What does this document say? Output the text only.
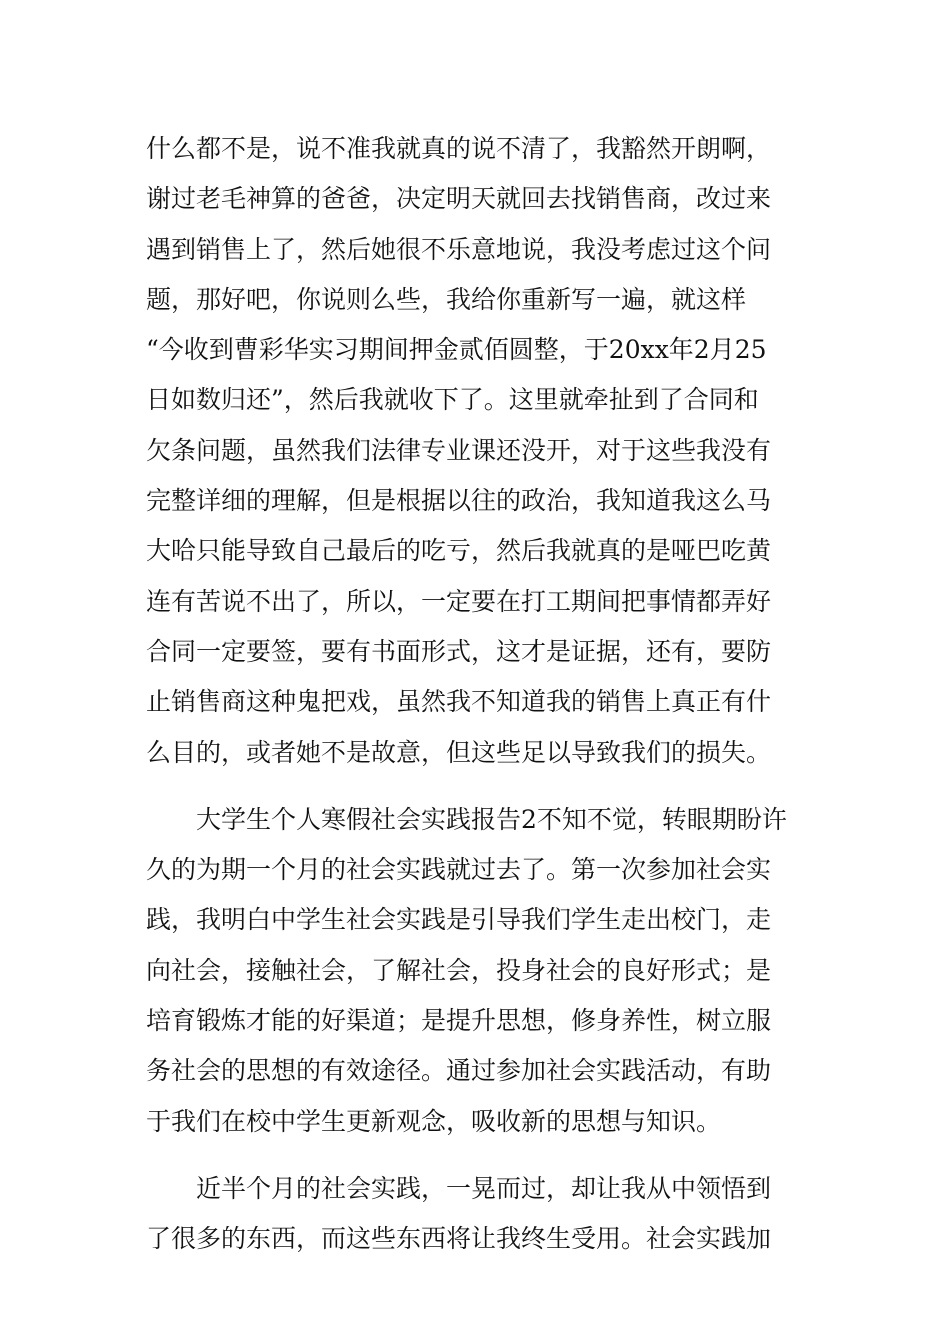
什么都不是，说不准我就真的说不清了，我豁然开朗啊，
谢过老毛神算的爸爸，决定明天就回去找销售商，改过来
遇到销售上了，然后她很不乐意地说，我没考虑过这个问
题，那好吧，你说则么些，我给你重新写一遍，就这样
“今收到曹彩华实习期间押金贰佰圆整，于20xx年2月25
日如数归还”，然后我就收下了。这里就牵扯到了合同和
欠条问题，虽然我们法律专业课还没开，对于这些我没有
完整详细的理解，但是根据以往的政治，我知道我这么马
大哈只能导致自己最后的吃亏，然后我就真的是哑巴吃黄
连有苦说不出了，所以，一定要在打工期间把事情都弄好
合同一定要签，要有书面形式，这才是证据，还有，要防
止销售商这种鬼把戏，虽然我不知道我的销售上真正有什
么目的，或者她不是故意，但这些足以导致我们的损失。
大学生个人寒假社会实践报告2不知不觉，转眼期盼许
久的为期一个月的社会实践就过去了。第一次参加社会实
践，我明白中学生社会实践是引导我们学生走出校门，走
向社会，接触社会，了解社会，投身社会的良好形式；是
培育锻炼才能的好渠道；是提升思想，修身养性，树立服
务社会的思想的有效途径。通过参加社会实践活动，有助
于我们在校中学生更新观念，吸收新的思想与知识。
近半个月的社会实践，一晃而过，却让我从中领悟到
了很多的东西，而这些东西将让我终生受用。社会实践加
